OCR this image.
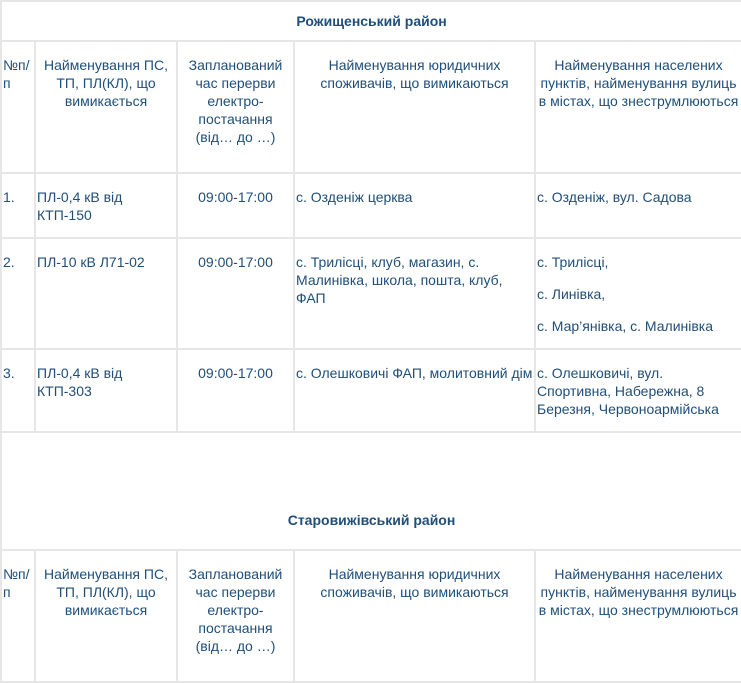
Рожищенський район				
№п/п	Найменування ПС, ТП, ПЛ(КЛ), що вимикається	Запланований час перерви електро-постачання (від… до …)	Найменування юридичних споживачів, що вимикаються	Найменування населених пунктів, найменування вулиць в містах, що знеструмлюються
1.	ПЛ-0,4 кВ від КТП-150	09:00-17:00	с. Озденіж церква	с. Озденіж, вул. Садова
2.	ПЛ-10 кВ Л71-02	09:00-17:00	с. Трилісці, клуб, магазин, с. Малинівка, школа, пошта, клуб, ФАП	с. Трилісці,

с. Линівка,

с. Мар’янівка, с. Малинівка

3.	ПЛ-0,4 кВ від КТП-303	09:00-17:00	с. Олешковичі ФАП, молитовний дім	с. Олешковичі, вул. Спортивна, Набережна, 8 Березня, Червоноармійська

Старовижівський район				
№п/п	Найменування ПС, ТП, ПЛ(КЛ), що вимикається	Запланований час перерви електро-постачання (від… до …)	Найменування юридичних споживачів, що вимикаються	Найменування населених пунктів, найменування вулиць в містах, що знеструмлюються
